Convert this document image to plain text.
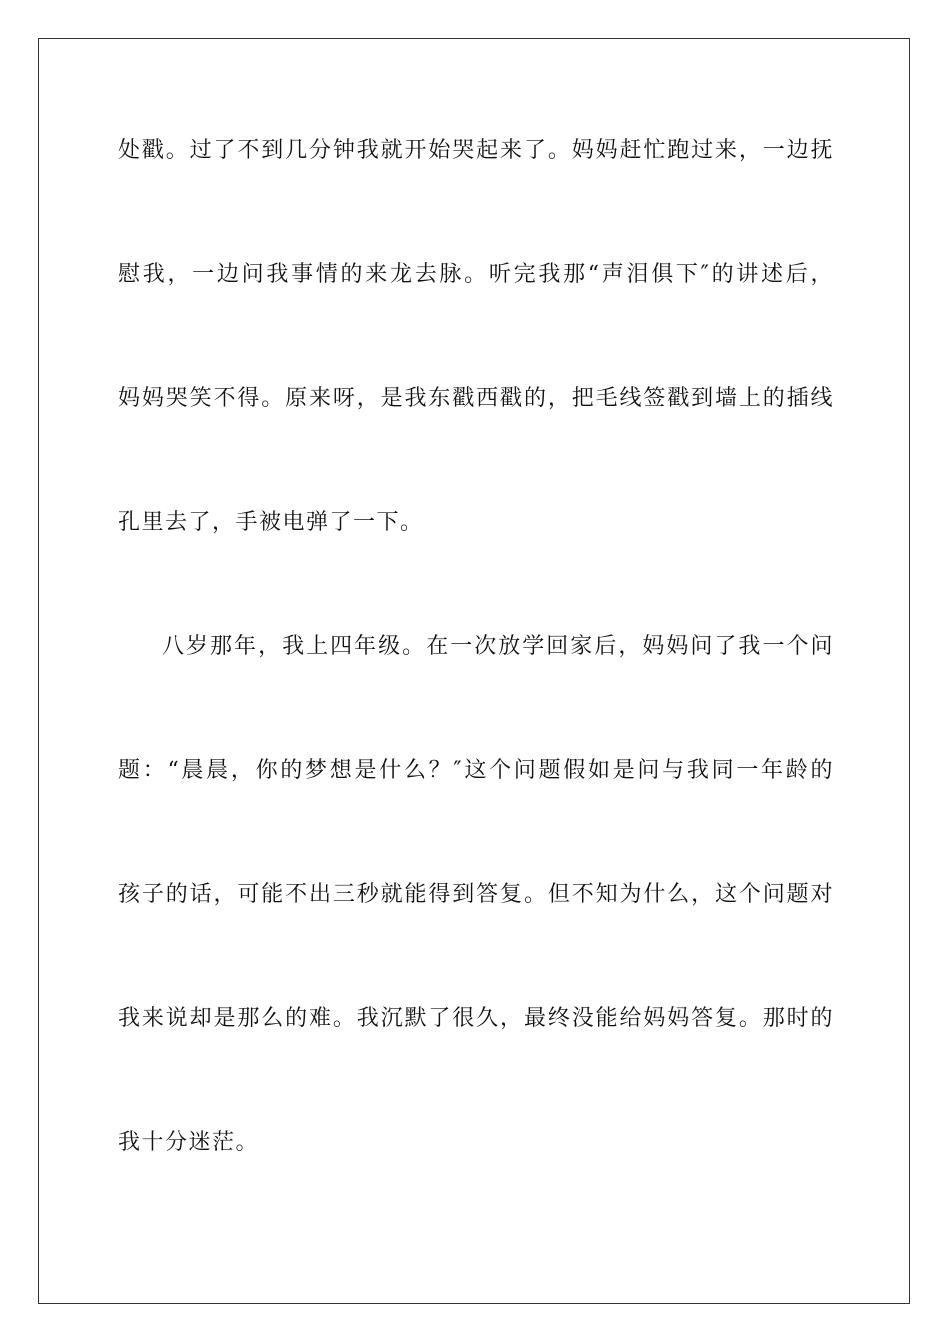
处戳。过了不到几分钟我就开始哭起来了。妈妈赶忙跑过来，一边抚
慰我，一边问我事情的来龙去脉。听完我那“声泪俱下″的讲述后，
妈妈哭笑不得。原来呀，是我东戳西戳的，把毛线签戳到墙上的插线
孔里去了，手被电弹了一下。
八岁那年，我上四年级。在一次放学回家后，妈妈问了我一个问
题：“晨晨，你的梦想是什么？″这个问题假如是问与我同一年龄的
孩子的话，可能不出三秒就能得到答复。但不知为什么，这个问题对
我来说却是那么的难。我沉默了很久，最终没能给妈妈答复。那时的
我十分迷茫。
